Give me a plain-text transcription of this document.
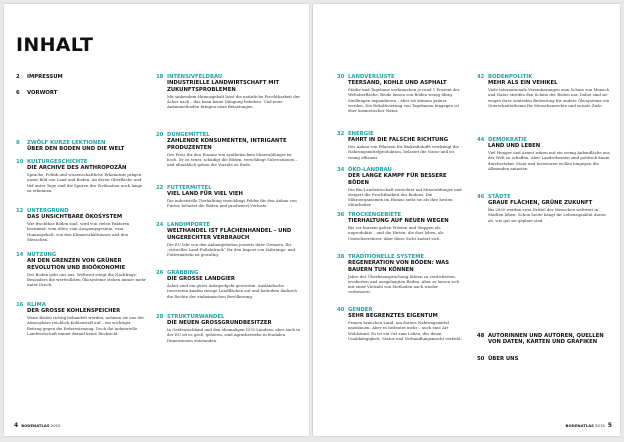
INHALT
2	IMPRESSUM
6	VORWORT
8	ZWÖLF KURZE LEKTIONEN
ÜBER DEN BODEN UND DIE WELT
10 KULTURGESCHICHTE
DIE ARCHIVE DES ANTHROPOZÄN
Sprache, Politik und wissenschaftliche Erkenntnis prägen unser Bild von Land und Boden. An deren Oberfläche und tief unter Tage sind die Spuren der Zivilisation noch lange zu erkennen.
12 UNTERGRUND
DAS UNSICHTBARE ÖKOSYSTEM
Wie fruchtbar Böden sind, wird von vielen Faktoren bestimmt: vom Alter, vom Ausgangsgestein, vom Humusgehalt, von den Klimaverhältnissen und den Menschen.
14 NUTZUNG
AN DEN GRENZEN VON GRÜNER REVOLUTION UND BIOÖKONOMIE
Der Boden geht uns aus. Weltweit steigt die Nachfrage. Besonders die wertvollsten Ökosysteme stehen immer mehr unter Druck.
16 KLIMA
DER GROSSE KOHLENSPEICHER
Wenn Böden richtig behandelt werden, nehmen sie aus der Atmosphäre reichlich Kohlenstoff auf – ein wichtiger Beitrag gegen die Erderwärmung. Doch die industrielle Landwirtschaft nimmt darauf keine Rücksicht.
18 INTENSIVFELDBAU
INDUSTRIELLE LANDWIRTSCHAFT MIT ZUKUNFTSPROBLEMEN
Mit sinkendem Humusgehalt lässt die natürliche Fruchtbarkeit der Äcker nach – das kann keine Düngung beheben. Und neue Anbaumethoden bringen neue Belastungen.
20 DÜNGEMITTEL
ZAHLENDE KONSUMENTEN, INTRIGANTE PRODUZENTEN
Der Preis für den Einsatz von synthetischem Mineraldünger ist hoch. Er ist teuer, schädigt die Böden, verschlingt Subventionen – und allmählich gehen die Vorräte zu Ende.
22 FUTTERMITTEL
VIEL LAND FÜR VIEL VIEH
Die industrielle Tierhaltung verschlingt Felder für den Anbau von Futter, belastet die Böden und produziert Verluste.
24 LANDIMPORTE
WELTHANDEL IST FLÄCHENHANDEL – UND UNGERECHTER VERBRAUCH
Die EU lebt von den Anbaugebieten jenseits ihrer Grenzen. Ihr „virtueller Land-Fußabdruck“ für den Import von Nahrungs- und Futtermitteln ist gewaltig.
26 GRABBING
DIE GROSSE LANDGIER
Äcker sind ein gutes Anlageobjekt geworden. Ausländische Investoren kaufen riesige Landflächen auf und bedrohen dadurch die Rechte der einheimischen Bevölkerung.
28 STRUKTURWANDEL
DIE NEUEN GROSSGRUNDBESITZER
In Ostdeutschland und den ehemaligen GUS-Ländern, aber auch in der EU ist es groß, gehören, sind Agrarbetriebe in feudalen Dimensionen entstanden.
4 BODENATLAS
2015
30 LANDVERLUSTE
TEERSAND, KOHLE UND ASPHALT
Städte und Tagebaue verbrauchen je rund 1 Prozent der Weltoberfläche. Beide lassen von Böden wenig übrig. Siedlungen expandieren – aber sie können grüner werden. Die Rekultivierung von Tagebauen hingegen ist eher kosmetischer Natur.
32 ENERGIE
FAHRT IN DIE FALSCHE RICHTUNG
Der Anbau von Pflanzen für Biokraftstoffe verdrängt die Nahrungsmittelproduktion, belastet die Natur und ist wenig effizient.
34 ÖKO-LANDBAU
DER LANGE KAMPF FÜR BESSERE BÖDEN
Die Bio-Landwirtschaft verzichtet auf Mineraldünger und steigert die Fruchtbarkeit des Bodens. Die Mikroorganismen im Humus sieht sie als ihre besten Mitarbeiter.
36 TROCKENGEBIETE
TIERHALTUNG AUF NEUEN WEGEN
Bis vor kurzem galten Wüsten und Steppen als unproduktiv – und die Hirten, die dort leben, als Umweltzerstörer. Aber diese Sicht ändert sich.
38 TRADITIONELLE SYSTEME
REGENERATION VON BÖDEN: WAS BAUERN TUN KÖNNEN
Jahre der Überbeanspruchung führen zu verdichteten, erodierten und ausgelaugten Böden. Aber es lassen sich mit einer Vielzahl von Methoden auch wieder verbessern.
40 GENDER
SEHR BEGRENZTES EIGENTUM
Frauen brauchen Land, um daraus Nahrungsmittel anzubauen. Aber es bedeutet mehr – auch eine Art Wohlstand. Es ist ein Ort zum Leben, der ihnen Unabhängigkeit, Status und Verhandlungsmacht verleiht.
42 BODENPOLITIK
MEHR ALS EIN VEHIKEL
Viele internationale Vereinbarungen zum Schutz von Mensch und Natur streifen den Schutz der Böden nur. Dabei sind sie wegen ihrer zentralen Bedeutung für andere Ökosysteme ein Querschnittsthema für Menschenrechte und soziale Ziele.
44 DEMOKRATIE
LAND UND LEBEN
Viel Hunger und Armut wären mit ein wenig Anbaufläche aus der Welt zu schaffen. Aber Landreformen sind politisch kaum durchsetzbar. Staat und Investoren wollen hingegen die Allmenden antasten.
46 STÄDTE
GRAUE FLÄCHEN, GRÜNE ZUKUNFT
Bis 2050 werden zwei Drittel der Menschen weltweit in Städten leben. Schon heute hängt ihr Lebensqualität davon ab, wie gut sie geplant sind.
48 AUTORINNEN UND AUTOREN, QUELLEN VON DATEN, KARTEN UND GRAFIKEN
50 ÜBER UNS
BODENATLAS
2015 5
